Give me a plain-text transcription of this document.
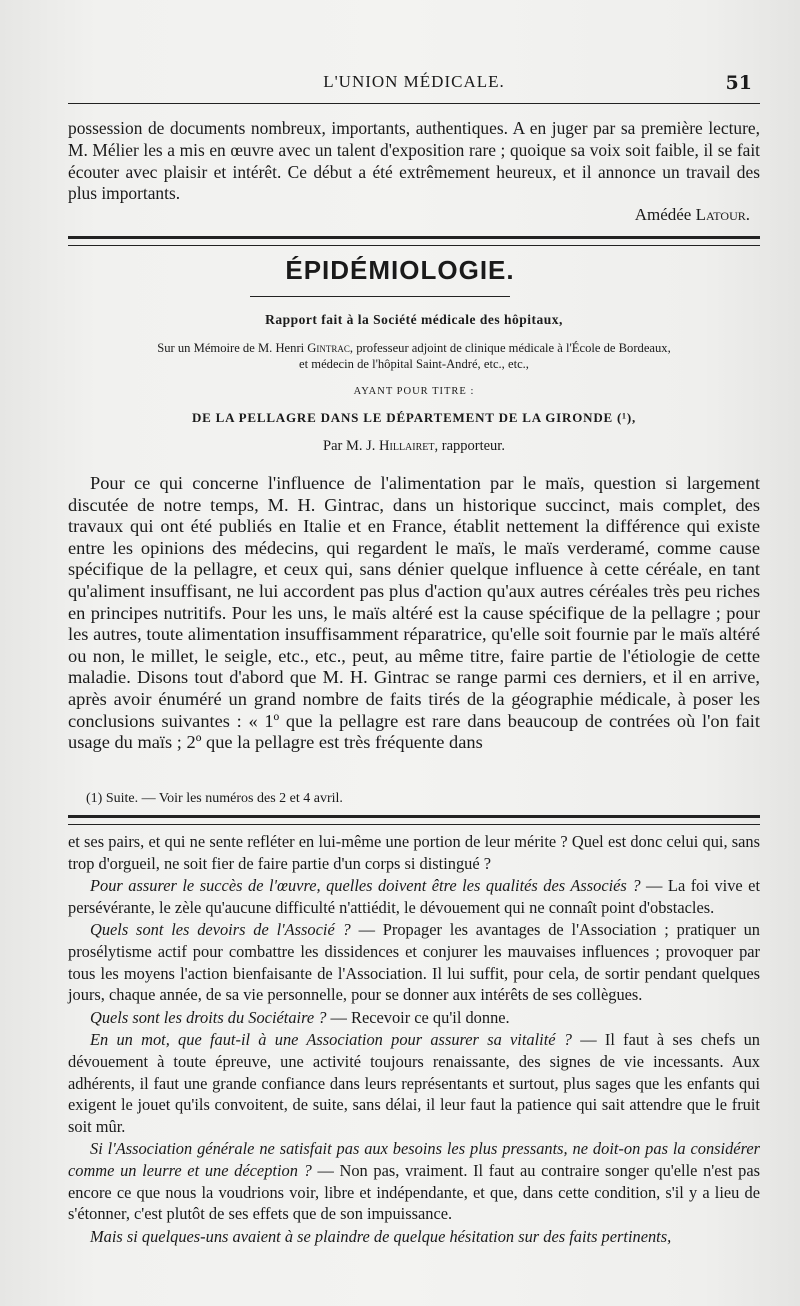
L'UNION MÉDICALE.	51

possession de documents nombreux, importants, authentiques. A en juger par sa première lecture, M. Mélier les a mis en œuvre avec un talent d'exposition rare ; quoique sa voix soit faible, il se fait écouter avec plaisir et intérêt. Ce début a été extrêmement heureux, et il annonce un travail des plus importants.

Amédée Latour.
ÉPIDÉMIOLOGIE.
Rapport fait à la Société médicale des hôpitaux,
Sur un Mémoire de M. Henri Gintrac, professeur adjoint de clinique médicale à l'École de Bordeaux,
et médecin de l'hôpital Saint-André, etc., etc.,
AYANT POUR TITRE :
DE LA PELLAGRE DANS LE DÉPARTEMENT DE LA GIRONDE (¹),
Par M. J. Hillairet, rapporteur.

Pour ce qui concerne l'influence de l'alimentation par le maïs, question si largement discutée de notre temps, M. H. Gintrac, dans un historique succinct, mais complet, des travaux qui ont été publiés en Italie et en France, établit nettement la différence qui existe entre les opinions des médecins, qui regardent le maïs, le maïs verderamé, comme cause spécifique de la pellagre, et ceux qui, sans dénier quelque influence à cette céréale, en tant qu'aliment insuffisant, ne lui accordent pas plus d'action qu'aux autres céréales très peu riches en principes nutritifs. Pour les uns, le maïs altéré est la cause spécifique de la pellagre ; pour les autres, toute alimentation insuffisamment réparatrice, qu'elle soit fournie par le maïs altéré ou non, le millet, le seigle, etc., etc., peut, au même titre, faire partie de l'étiologie de cette maladie. Disons tout d'abord que M. H. Gintrac se range parmi ces derniers, et il en arrive, après avoir énuméré un grand nombre de faits tirés de la géographie médicale, à poser les conclusions suivantes : « 1º que la pellagre est rare dans beaucoup de contrées où l'on fait usage du maïs ; 2º que la pellagre est très fréquente dans

(1) Suite. — Voir les numéros des 2 et 4 avril.

et ses pairs, et qui ne sente refléter en lui-même une portion de leur mérite ? Quel est donc celui qui, sans trop d'orgueil, ne soit fier de faire partie d'un corps si distingué ?

Pour assurer le succès de l'œuvre, quelles doivent être les qualités des Associés ? — La foi vive et persévérante, le zèle qu'aucune difficulté n'attiédit, le dévouement qui ne connaît point d'obstacles.

Quels sont les devoirs de l'Associé ? — Propager les avantages de l'Association ; pratiquer un prosélytisme actif pour combattre les dissidences et conjurer les mauvaises influences ; provoquer par tous les moyens l'action bienfaisante de l'Association. Il lui suffit, pour cela, de sortir pendant quelques jours, chaque année, de sa vie personnelle, pour se donner aux intérêts de ses collègues.

Quels sont les droits du Sociétaire ? — Recevoir ce qu'il donne.

En un mot, que faut-il à une Association pour assurer sa vitalité ? — Il faut à ses chefs un dévouement à toute épreuve, une activité toujours renaissante, des signes de vie incessants. Aux adhérents, il faut une grande confiance dans leurs représentants et surtout, plus sages que les enfants qui exigent le jouet qu'ils convoitent, de suite, sans délai, il leur faut la patience qui sait attendre que le fruit soit mûr.

Si l'Association générale ne satisfait pas aux besoins les plus pressants, ne doit-on pas la considérer comme un leurre et une déception ? — Non pas, vraiment. Il faut au contraire songer qu'elle n'est pas encore ce que nous la voudrions voir, libre et indépendante, et que, dans cette condition, s'il y a lieu de s'étonner, c'est plutôt de ses effets que de son impuissance.

Mais si quelques-uns avaient à se plaindre de quelque hésitation sur des faits pertinents,
